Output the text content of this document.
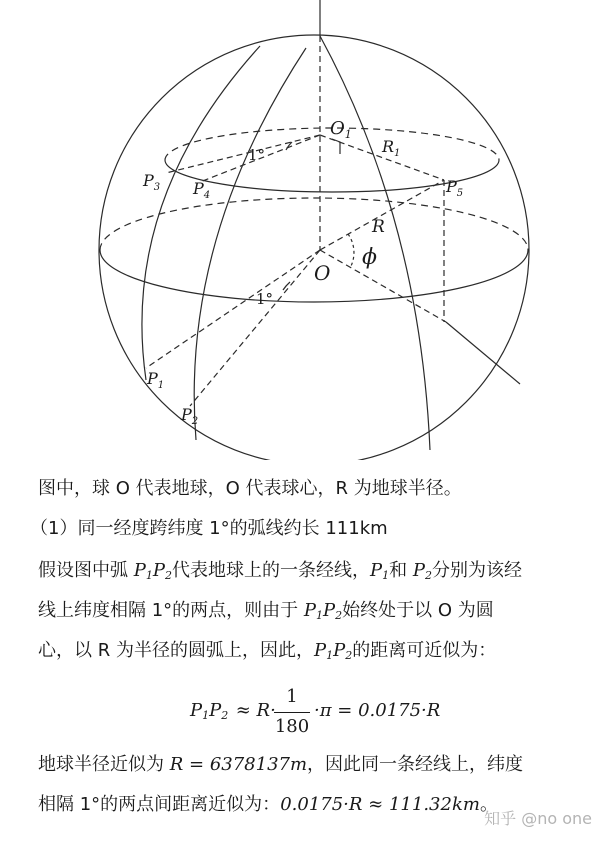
$O_1$
$R_1$
1°
$P_3$ $P_4$	$P_5$
R
ϕ
O
1°
$P_1$
$P_2$
图中，球 O 代表地球，O 代表球心，R 为地球半径。
（1）同一经度跨纬度 1°的弧线约长 111km
假设图中弧 $P_1P_2$代表地球上的一条经线，$P_1$和 $P_2$分别为该经
线上纬度相隔 1°的两点，则由于 $P_1P_2$始终处于以 O 为圆
心，以 R 为半径的圆弧上，因此，$P_1P_2$的距离可近似为：
$P_1P_2 \approx R\cdot$
1
180
·π = 0.0175·R
地球半径近似为 R = 6378137m，因此同一条经线上，纬度
相隔 1°的两点间距离近似为：0.0175·R ≈ 111.32km。
知乎 @no one
